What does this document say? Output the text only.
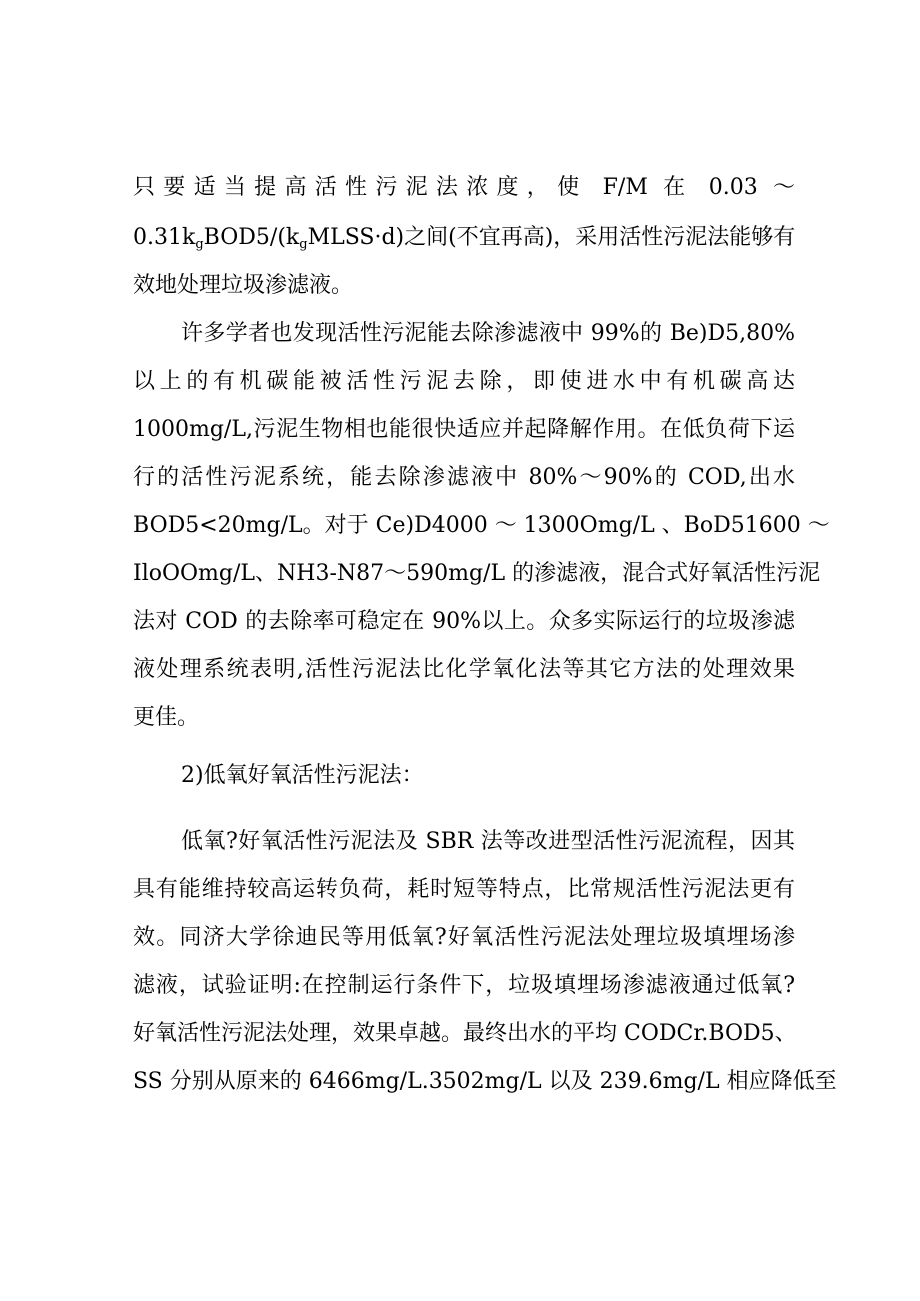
只要适当提高活性污泥法浓度，使 F/M 在 0.03 ～
$0.31k_gBOD5/(k_gMLSS\cdot d)$之间(不宜再高)，采用活性污泥法能够有
效地处理垃圾渗滤液。
许多学者也发现活性污泥能去除渗滤液中 99%的 Be)D5,80%
以上的有机碳能被活性污泥去除，即使进水中有机碳高达
1000mg/L,污泥生物相也能很快适应并起降解作用。在低负荷下运
行的活性污泥系统，能去除渗滤液中 80%～90%的 COD,出水
BOD5<20mg/L。对于 Ce)D4000 ～ 1300Omg/L 、BoD51600 ～
IloOOmg/L、NH3-N87～590mg/L 的渗滤液，混合式好氧活性污泥
法对 COD 的去除率可稳定在 90%以上。众多实际运行的垃圾渗滤
液处理系统表明,活性污泥法比化学氧化法等其它方法的处理效果
更佳。
2)低氧好氧活性污泥法：
低氧?好氧活性污泥法及 SBR 法等改进型活性污泥流程，因其
具有能维持较高运转负荷，耗时短等特点，比常规活性污泥法更有
效。同济大学徐迪民等用低氧?好氧活性污泥法处理垃圾填埋场渗
滤液，试验证明:在控制运行条件下，垃圾填埋场渗滤液通过低氧?
好氧活性污泥法处理，效果卓越。最终出水的平均 CODCr.BOD5、
SS 分别从原来的 6466mg/L.3502mg/L 以及 239.6mg/L 相应降低至
